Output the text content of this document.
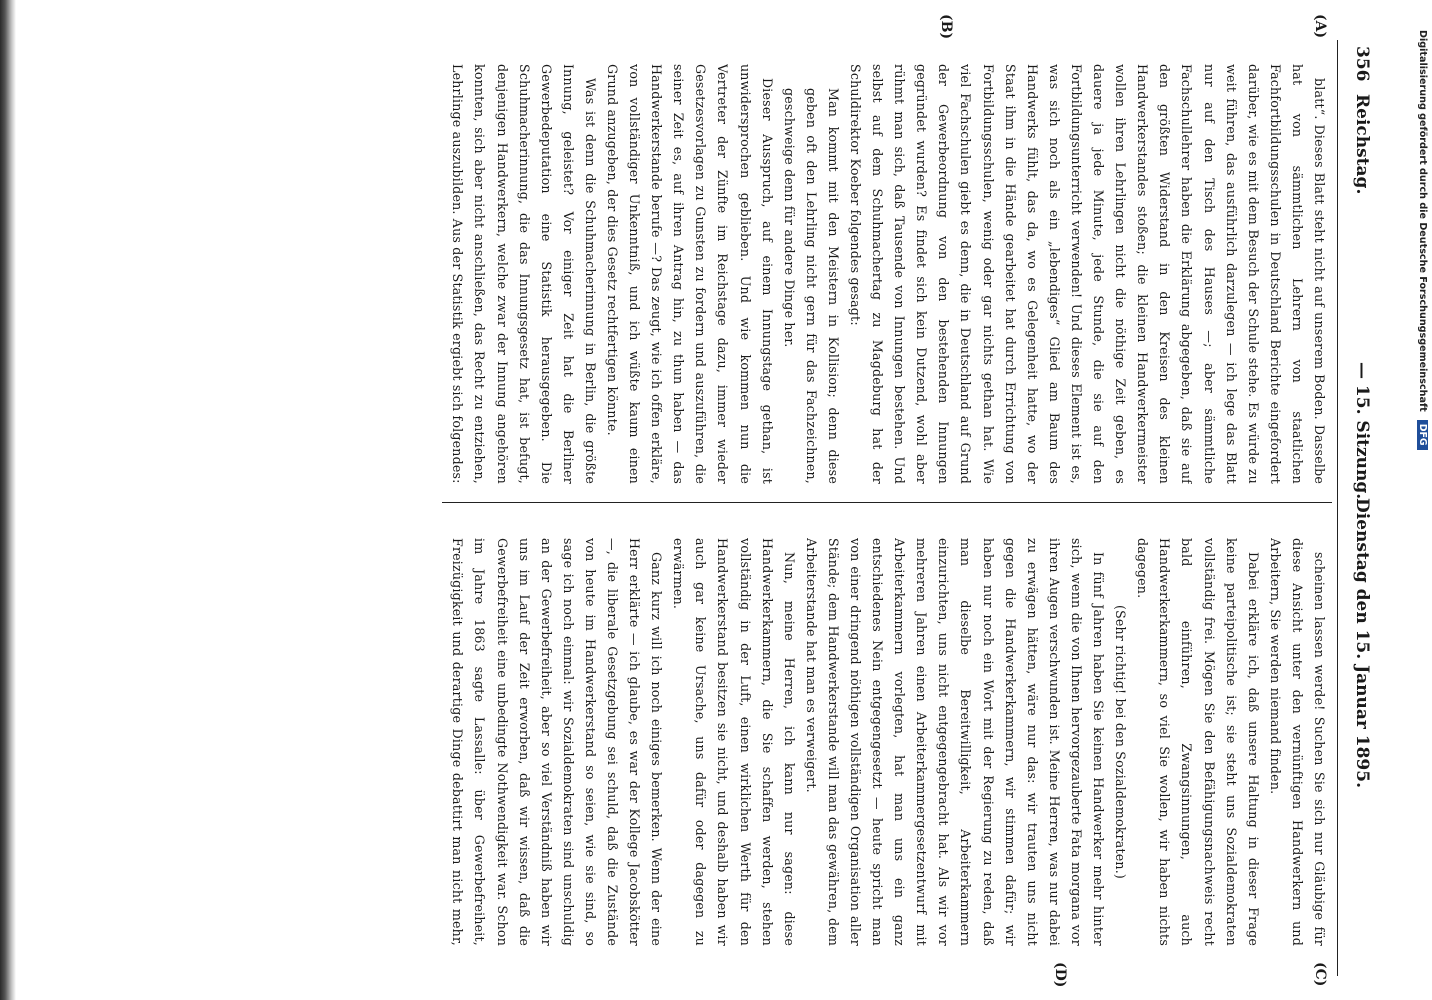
356
Reichstag.
— 15. Sitzung.
Dienstag den 15. Januar 1895.
(A)
(B)
(C)
(D)

blatt“. Dieses Blatt steht nicht auf unserem Boden. Dasselbe hat von sämmtlichen Lehrern von staatlichen Fachfortbildungsschulen in Deutschland Berichte eingefordert darüber, wie es mit dem Besuch der Schule stehe. Es würde zu weit führen, das ausführlich darzulegen — ich lege das Blatt nur auf den Tisch des Hauses —; aber sämmtliche Fachschullehrer haben die Erklärung abgegeben, daß sie auf den größten Widerstand in den Kreisen des kleinen Handwerkerstandes stoßen; die kleinen Handwerkermeister wollen ihren Lehrlingen nicht die nöthige Zeit geben, es dauere ja jede Minute, jede Stunde, die sie auf den Fortbildungsunterricht verwenden! Und dieses Element ist es, was sich noch als ein „lebendiges“ Glied am Baum des Handwerks fühlt, das da, wo es Gelegenheit hatte, wo der Staat ihm in die Hände gearbeitet hat durch Errichtung von Fortbildungsschulen, wenig oder gar nichts gethan hat. Wie viel Fachschulen giebt es denn, die in Deutschland auf Grund der Gewerbeordnung von den bestehenden Innungen gegründet wurden? Es findet sich kein Dutzend, wohl aber rühmt man sich, daß Tausende von Innungen bestehen. Und selbst auf dem Schuhmachertag zu Magdeburg hat der Schuldirektor Koeber folgendes gesagt:

Man kommt mit den Meistern in Kollision; denn diese geben oft den Lehrling nicht gern für das Fachzeichnen, geschweige denn für andere Dinge her.

Dieser Ausspruch, auf einem Innungstage gethan, ist unwidersprochen geblieben. Und wie kommen nun die Vertreter der Zünfte im Reichstage dazu, immer wieder Gesetzesvorlagen zu Gunsten zu fordern und auszuführen, die seiner Zeit es, auf ihren Antrag hin, zu thun haben — das Handwerkerstande berufe —? Das zeugt, wie ich offen erkläre, von vollständiger Unkenntniß, und ich wüßte kaum einen Grund anzugeben, der dies Gesetz rechtfertigen könnte.

Was ist denn die Schuhmacherinnung in Berlin, die größte Innung, geleistet? Vor einiger Zeit hat die Berliner Gewerbedeputation eine Statistik herausgegeben. Die Schuhmacherinnung, die das Innungsgesetz hat, ist befugt, denjenigen Handwerkern, welche zwar der Innung angehören konnten, sich aber nicht anschließen, das Recht zu entziehen, Lehrlinge auszubilden. Aus der Statistik ergiebt sich folgendes:

scheinen lassen werde! Suchen Sie sich nur Gläubige für diese Ansicht unter den vernünftigen Handwerkern und Arbeitern, Sie werden niemand finden.

Dabei erkläre ich, daß unsere Haltung in dieser Frage keine parteipolitische ist; sie steht uns Sozialdemokraten vollständig frei. Mögen Sie den Befähigungsnachweis recht bald einführen, Zwangsinnungen, auch Handwerkerkammern, so viel Sie wollen, wir haben nichts dagegen.

(Sehr richtig! bei den Sozialdemokraten.)

In fünf Jahren haben Sie keinen Handwerker mehr hinter sich, wenn die von Ihnen hervorgezauberte Fata morgana vor ihren Augen verschwunden ist. Meine Herren, was nur dabei zu erwägen hätten, wäre nur das: wir trauten uns nicht gegen die Handwerkerkammern, wir stimmen dafür; wir haben nur noch ein Wort mit der Regierung zu reden, daß man dieselbe Bereitwilligkeit, Arbeiterkammern einzurichten, uns nicht entgegengebracht hat. Als wir vor mehreren Jahren einen Arbeiterkammergesetzentwurf mit Arbeiterkammern vorlegten, hat man uns ein ganz entschiedenes Nein entgegengesetzt — heute spricht man von einer dringend nöthigen vollständigen Organisation aller Stände; dem Handwerkerstande will man das gewähren, dem Arbeiterstande hat man es verweigert.

Nun, meine Herren, ich kann nur sagen: diese Handwerkerkammern, die Sie schaffen werden, stehen vollständig in der Luft, einen wirklichen Werth für den Handwerkerstand besitzen sie nicht, und deshalb haben wir auch gar keine Ursache, uns dafür oder dagegen zu erwärmen.

Ganz kurz will ich noch einiges bemerken. Wenn der eine Herr erklärte — ich glaube, es war der Kollege Jacobskötter —, die liberale Gesetzgebung sei schuld, daß die Zustände von heute im Handwerkerstand so seien, wie sie sind, so sage ich noch einmal: wir Sozialdemokraten sind unschuldig an der Gewerbefreiheit, aber so viel Verständniß haben wir uns im Lauf der Zeit erworben, daß wir wissen, daß die Gewerbefreiheit eine unbedingte Nothwendigkeit war. Schon im Jahre 1863 sagte Lassalle: über Gewerbefreiheit, Freizügigkeit und derartige Dinge debattirt man nicht mehr,

Digitalisierung gefördert durch die Deutsche ForschungsgemeinschaftDFG
